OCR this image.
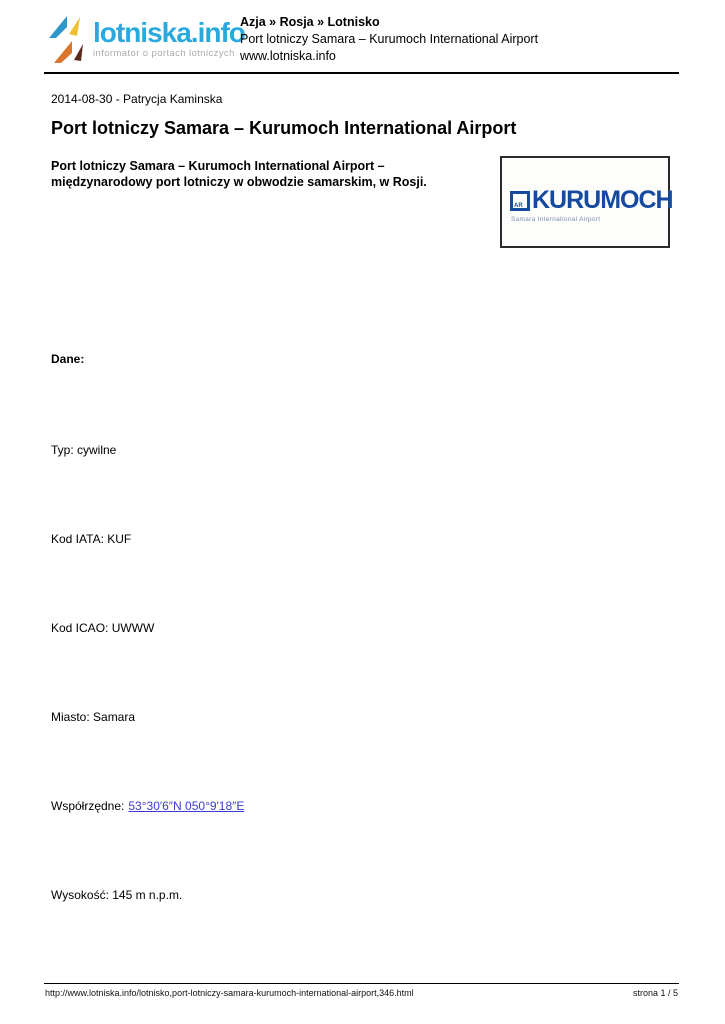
lotniska.info
informator o portach lotniczych
Azja » Rosja » Lotnisko
Port lotniczy Samara – Kurumoch International Airport
www.lotniska.info
2014-08-30 - Patrycja Kaminska
Port lotniczy Samara – Kurumoch International Airport

Port lotniczy Samara – Kurumoch International Airport – międzynarodowy port lotniczy w obwodzie samarskim, w Rosji.

AR KURUMOCH
Samara International Airport
Dane:
Typ: cywilne
Kod IATA: KUF
Kod ICAO: UWWW
Miasto: Samara
Współrzędne: 53°30′6″N 050°9′18″E
Wysokość: 145 m n.p.m.
http://www.lotniska.info/lotnisko,port-lotniczy-samara-kurumoch-international-airport,346.html	strona 1 / 5
